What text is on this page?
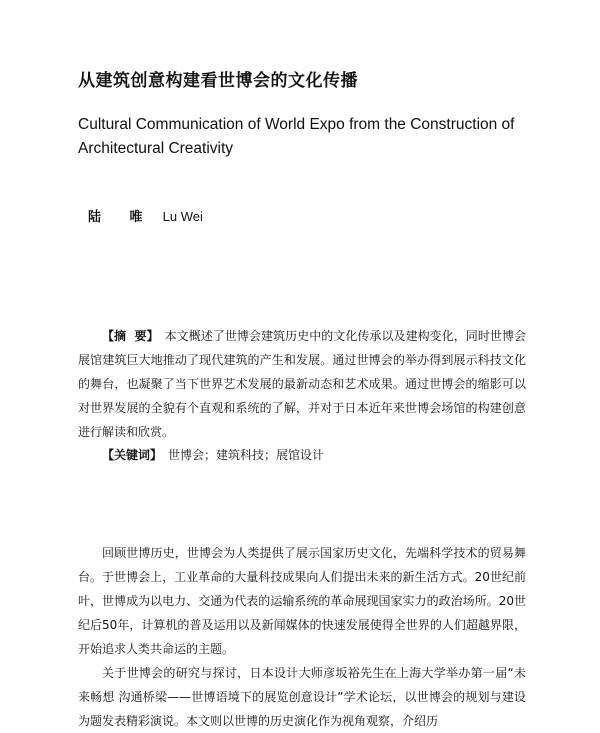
从建筑创意构建看世博会的文化传播
Cultural Communication of World Expo from the Construction of Architectural Creativity
陆 唯 Lu Wei
【摘  要】 本文概述了世博会建筑历史中的文化传承以及建构变化，同时世博会展馆建筑巨大地推动了现代建筑的产生和发展。通过世博会的举办得到展示科技文化的舞台，也凝聚了当下世界艺术发展的最新动态和艺术成果。通过世博会的缩影可以对世界发展的全貌有个直观和系统的了解，并对于日本近年来世博会场馆的构建创意进行解读和欣赏。
【关键词】 世博会；建筑科技；展馆设计

回顾世博历史，世博会为人类提供了展示国家历史文化，先端科学技术的贸易舞台。于世博会上，工业革命的大量科技成果向人们提出未来的新生活方式。20世纪前叶，世博成为以电力、交通为代表的运输系统的革命展现国家实力的政治场所。20世纪后50年，计算机的普及运用以及新闻媒体的快速发展使得全世界的人们超越界限，开始追求人类共命运的主题。

关于世博会的研究与探讨，日本设计大师彦坂裕先生在上海大学举办第一届“未来畅想 沟通桥梁——世博语境下的展览创意设计”学术论坛，以世博会的规划与建设为题发表精彩演说。本文则以世博的历史演化作为视角观察，介绍历
